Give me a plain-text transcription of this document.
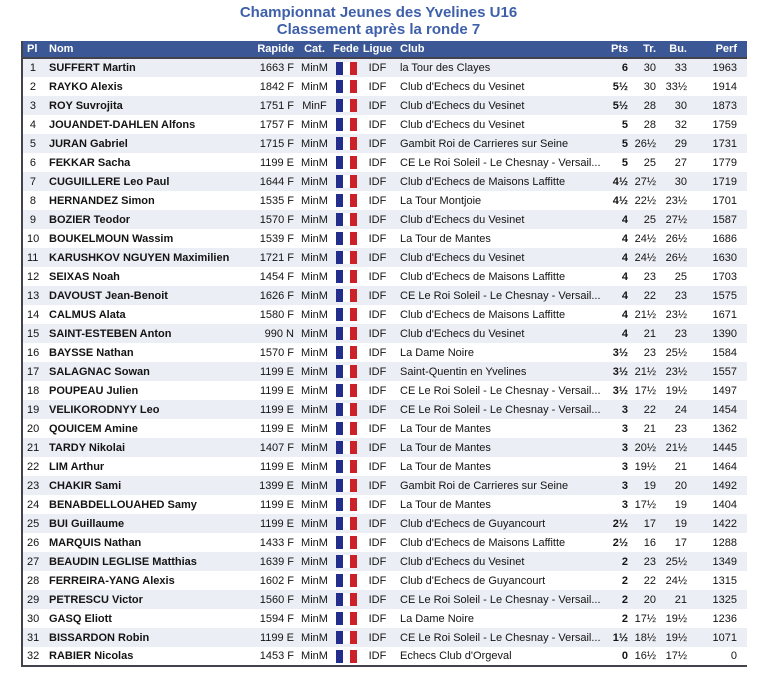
Championnat Jeunes des Yvelines U16
Classement après la ronde 7
Pl	Nom	Rapide	Cat.	Fede	Ligue	Club	Pts	Tr.	Bu.	Perf
1	SUFFERT Martin	1663 F	MinM		IDF	la Tour des Clayes	6	30	33	1963
2	RAYKO Alexis	1842 F	MinM		IDF	Club d'Echecs du Vesinet	5½	30	33½	1914
3	ROY Suvrojita	1751 F	MinF		IDF	Club d'Echecs du Vesinet	5½	28	30	1873
4	JOUANDET-DAHLEN Alfons	1757 F	MinM		IDF	Club d'Echecs du Vesinet	5	28	32	1759
5	JURAN Gabriel	1715 F	MinM		IDF	Gambit Roi de Carrieres sur Seine	5	26½	29	1731
6	FEKKAR Sacha	1199 E	MinM		IDF	CE Le Roi Soleil - Le Chesnay - Versail...	5	25	27	1779
7	CUGUILLERE Leo Paul	1644 F	MinM		IDF	Club d'Echecs de Maisons Laffitte	4½	27½	30	1719
8	HERNANDEZ Simon	1535 F	MinM		IDF	La Tour Montjoie	4½	22½	23½	1701
9	BOZIER Teodor	1570 F	MinM		IDF	Club d'Echecs du Vesinet	4	25	27½	1587
10	BOUKELMOUN Wassim	1539 F	MinM		IDF	La Tour de Mantes	4	24½	26½	1686
11	KARUSHKOV NGUYEN Maximilien	1721 F	MinM		IDF	Club d'Echecs du Vesinet	4	24½	26½	1630
12	SEIXAS Noah	1454 F	MinM		IDF	Club d'Echecs de Maisons Laffitte	4	23	25	1703
13	DAVOUST Jean-Benoit	1626 F	MinM		IDF	CE Le Roi Soleil - Le Chesnay - Versail...	4	22	23	1575
14	CALMUS Alata	1580 F	MinM		IDF	Club d'Echecs de Maisons Laffitte	4	21½	23½	1671
15	SAINT-ESTEBEN Anton	990 N	MinM		IDF	Club d'Echecs du Vesinet	4	21	23	1390
16	BAYSSE Nathan	1570 F	MinM		IDF	La Dame Noire	3½	23	25½	1584
17	SALAGNAC Sowan	1199 E	MinM		IDF	Saint-Quentin en Yvelines	3½	21½	23½	1557
18	POUPEAU Julien	1199 E	MinM		IDF	CE Le Roi Soleil - Le Chesnay - Versail...	3½	17½	19½	1497
19	VELIKORODNYY Leo	1199 E	MinM		IDF	CE Le Roi Soleil - Le Chesnay - Versail...	3	22	24	1454
20	QOUICEM Amine	1199 E	MinM		IDF	La Tour de Mantes	3	21	23	1362
21	TARDY Nikolai	1407 F	MinM		IDF	La Tour de Mantes	3	20½	21½	1445
22	LIM Arthur	1199 E	MinM		IDF	La Tour de Mantes	3	19½	21	1464
23	CHAKIR Sami	1399 E	MinM		IDF	Gambit Roi de Carrieres sur Seine	3	19	20	1492
24	BENABDELLOUAHED Samy	1199 E	MinM		IDF	La Tour de Mantes	3	17½	19	1404
25	BUI Guillaume	1199 E	MinM		IDF	Club d'Echecs de Guyancourt	2½	17	19	1422
26	MARQUIS Nathan	1433 F	MinM		IDF	Club d'Echecs de Maisons Laffitte	2½	16	17	1288
27	BEAUDIN LEGLISE Matthias	1639 F	MinM		IDF	Club d'Echecs du Vesinet	2	23	25½	1349
28	FERREIRA-YANG Alexis	1602 F	MinM		IDF	Club d'Echecs de Guyancourt	2	22	24½	1315
29	PETRESCU Victor	1560 F	MinM		IDF	CE Le Roi Soleil - Le Chesnay - Versail...	2	20	21	1325
30	GASQ Eliott	1594 F	MinM		IDF	La Dame Noire	2	17½	19½	1236
31	BISSARDON Robin	1199 E	MinM		IDF	CE Le Roi Soleil - Le Chesnay - Versail...	1½	18½	19½	1071
32	RABIER Nicolas	1453 F	MinM		IDF	Echecs Club d'Orgeval	0	16½	17½	0
